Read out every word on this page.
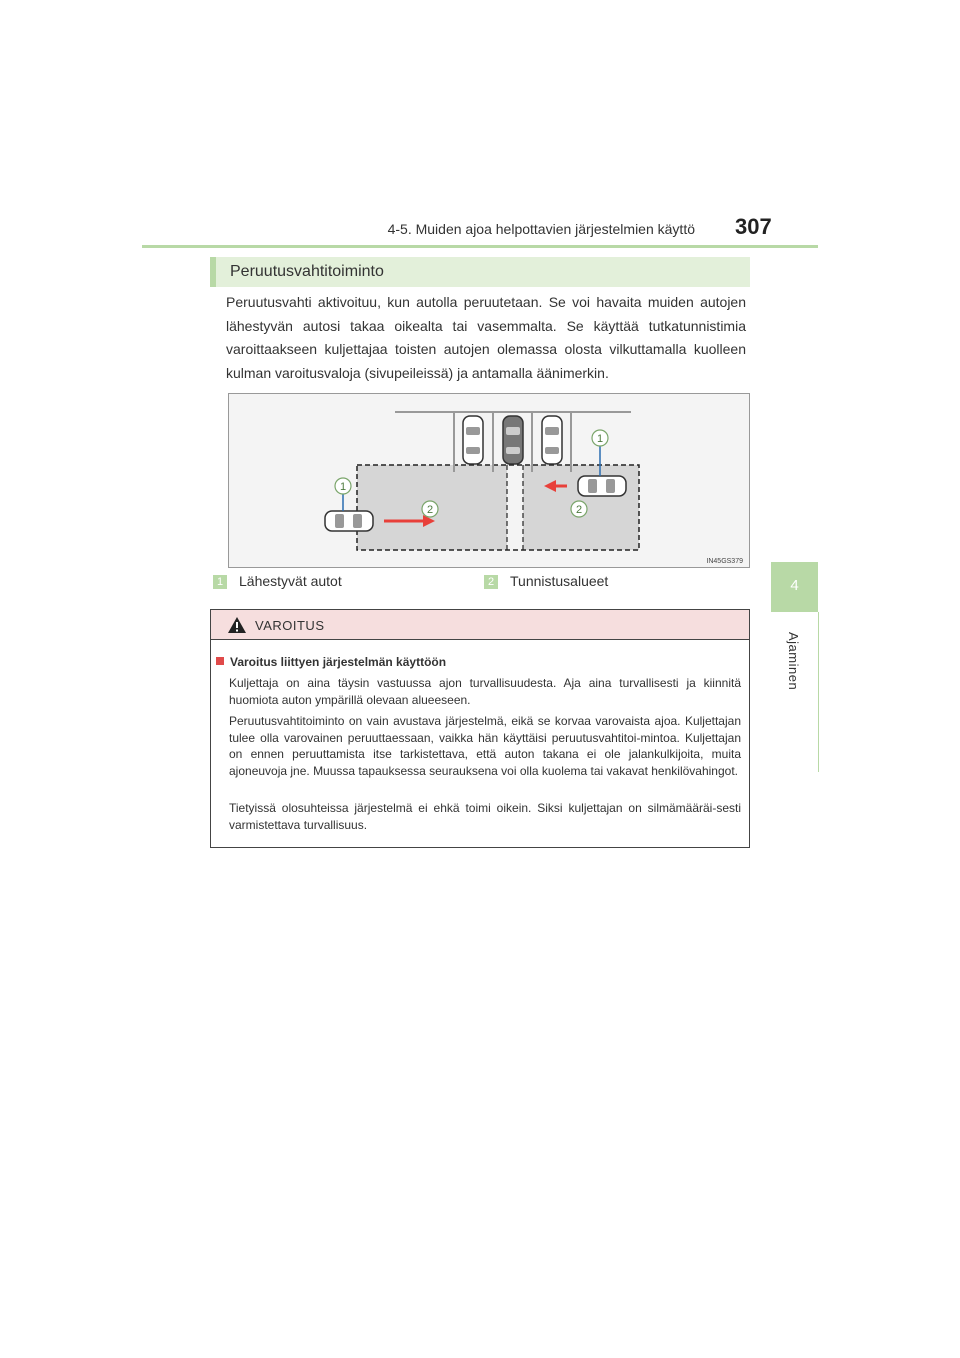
4-5. Muiden ajoa helpottavien järjestelmien käyttö 307
4
Ajaminen
Peruutusvahtitoiminto
Peruutusvahti aktivoituu, kun autolla peruutetaan. Se voi havaita muiden autojen lähestyvän autosi takaa oikealta tai vasemmalta. Se käyttää tutkatunnistimia varoittaakseen kuljettajaa toisten autojen olemassa olosta vilkuttamalla kuolleen kulman varoitusvaloja (sivupeileissä) ja antamalla äänimerkin.
1
1
2	2
IN45GS379
1 Lähestyvät autot	2 Tunnistusalueet
VAROITUS
Varoitus liittyen järjestelmän käyttöön
Kuljettaja on aina täysin vastuussa ajon turvallisuudesta. Aja aina turvallisesti ja kiinnitä huomiota auton ympärillä olevaan alueeseen.
Peruutusvahtitoiminto on vain avustava järjestelmä, eikä se korvaa varovaista ajoa. Kuljettajan tulee olla varovainen peruuttaessaan, vaikka hän käyttäisi peruutusvahtitoi-mintoa. Kuljettajan on ennen peruuttamista itse tarkistettava, että auton takana ei ole jalankulkijoita, muita ajoneuvoja jne. Muussa tapauksessa seurauksena voi olla kuolema tai vakavat henkilövahingot.
Tietyissä olosuhteissa järjestelmä ei ehkä toimi oikein. Siksi kuljettajan on silmämääräi-sesti varmistettava turvallisuus.
